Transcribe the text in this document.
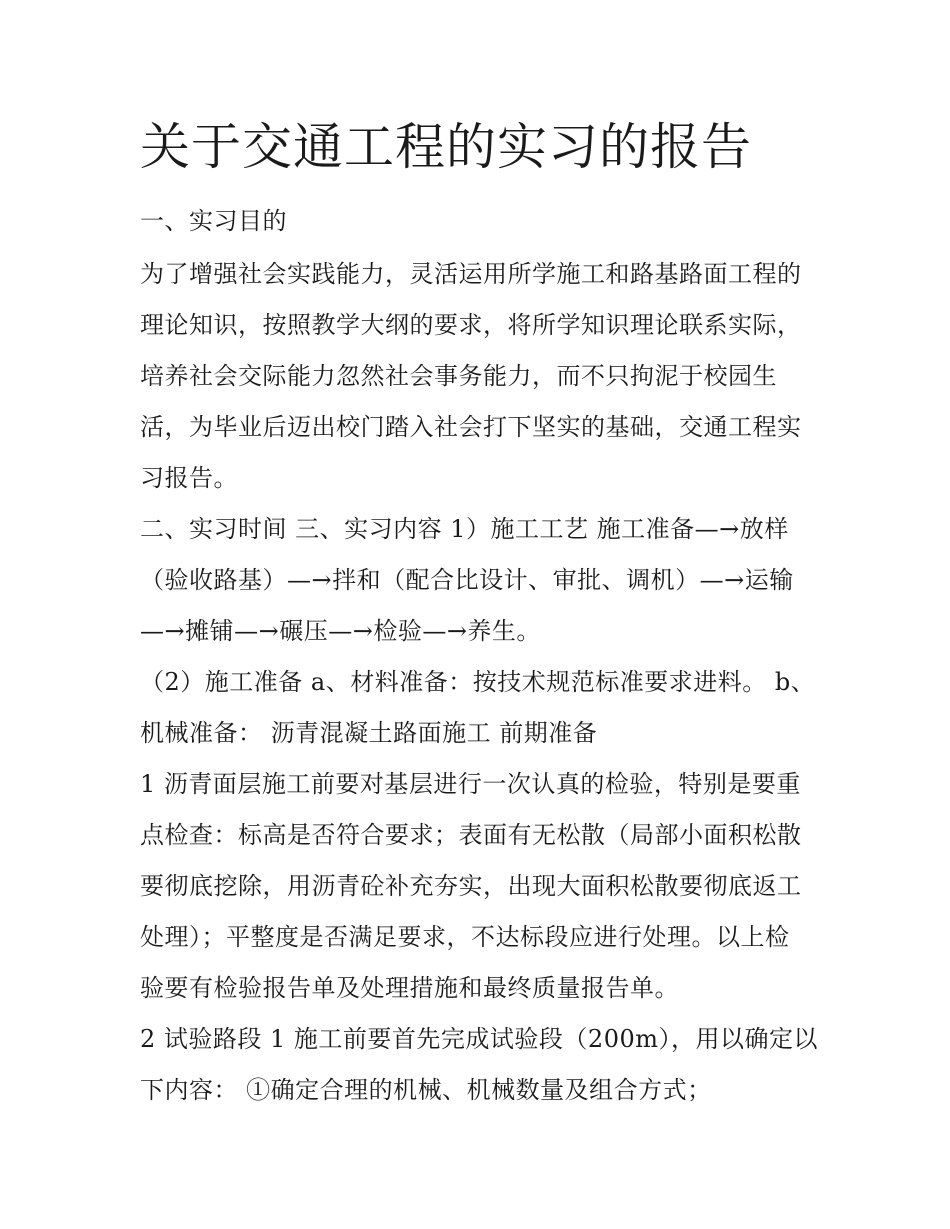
关于交通工程的实习的报告
一、实习目的
为了增强社会实践能力，灵活运用所学施工和路基路面工程的
理论知识，按照教学大纲的要求，将所学知识理论联系实际，
培养社会交际能力忽然社会事务能力，而不只拘泥于校园生
活，为毕业后迈出校门踏入社会打下坚实的基础，交通工程实
习报告。
二、实习时间 三、实习内容 1）施工工艺 施工准备—→放样
（验收路基）—→拌和（配合比设计、审批、调机）—→运输
—→摊铺—→碾压—→检验—→养生。
（2）施工准备 a、材料准备：按技术规范标准要求进料。 b、
机械准备： 沥青混凝土路面施工 前期准备
1 沥青面层施工前要对基层进行一次认真的检验，特别是要重
点检查：标高是否符合要求；表面有无松散（局部小面积松散
要彻底挖除，用沥青砼补充夯实，出现大面积松散要彻底返工
处理）；平整度是否满足要求，不达标段应进行处理。以上检
验要有检验报告单及处理措施和最终质量报告单。
2 试验路段 1 施工前要首先完成试验段（200m），用以确定以
下内容： ①确定合理的机械、机械数量及组合方式；
